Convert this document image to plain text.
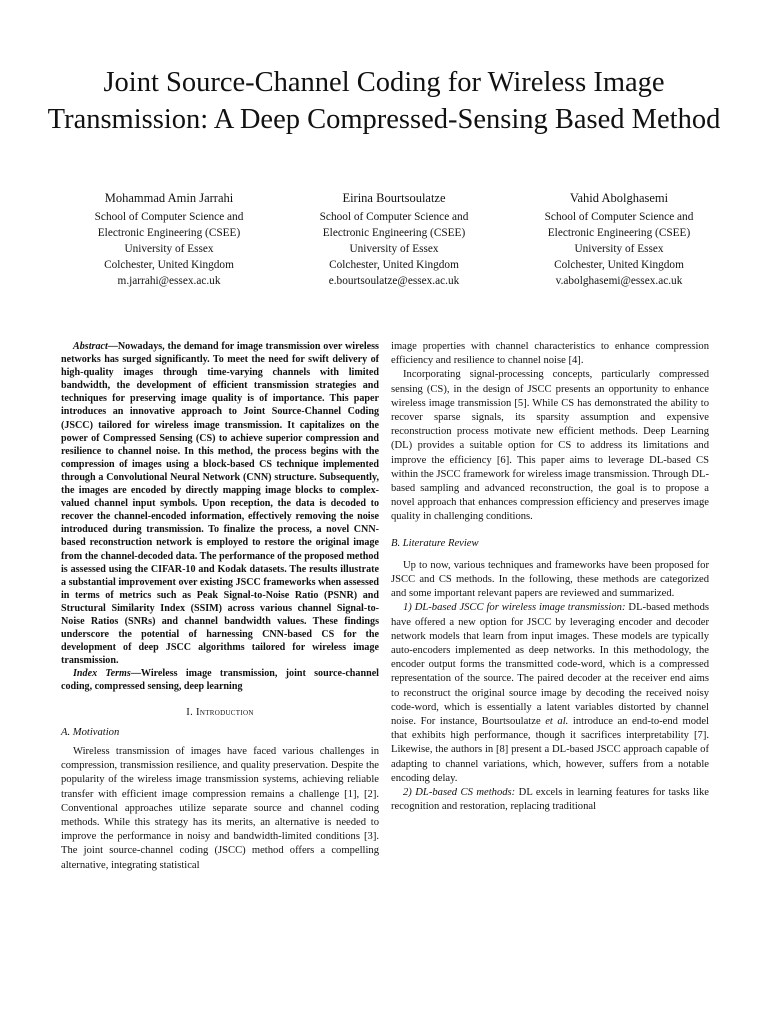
Joint Source-Channel Coding for Wireless Image Transmission: A Deep Compressed-Sensing Based Method
Mohammad Amin Jarrahi
School of Computer Science and
Electronic Engineering (CSEE)
University of Essex
Colchester, United Kingdom
m.jarrahi@essex.ac.uk
Eirina Bourtsoulatze
School of Computer Science and
Electronic Engineering (CSEE)
University of Essex
Colchester, United Kingdom
e.bourtsoulatze@essex.ac.uk
Vahid Abolghasemi
School of Computer Science and
Electronic Engineering (CSEE)
University of Essex
Colchester, United Kingdom
v.abolghasemi@essex.ac.uk

Abstract—Nowadays, the demand for image transmission over wireless networks has surged significantly. To meet the need for swift delivery of high-quality images through time-varying channels with limited bandwidth, the development of efficient transmission strategies and techniques for preserving image quality is of importance. This paper introduces an innovative approach to Joint Source-Channel Coding (JSCC) tailored for wireless image transmission. It capitalizes on the power of Compressed Sensing (CS) to achieve superior compression and resilience to channel noise. In this method, the process begins with the compression of images using a block-based CS technique implemented through a Convolutional Neural Network (CNN) structure. Subsequently, the images are encoded by directly mapping image blocks to complex-valued channel input symbols. Upon reception, the data is decoded to recover the channel-encoded information, effectively removing the noise introduced during transmission. To finalize the process, a novel CNN-based reconstruction network is employed to restore the original image from the channel-decoded data. The performance of the proposed method is assessed using the CIFAR-10 and Kodak datasets. The results illustrate a substantial improvement over existing JSCC frameworks when assessed in terms of metrics such as Peak Signal-to-Noise Ratio (PSNR) and Structural Similarity Index (SSIM) across various channel Signal-to-Noise Ratios (SNRs) and channel bandwidth values. These findings underscore the potential of harnessing CNN-based CS for the development of deep JSCC algorithms tailored for wireless image transmission.

Index Terms—Wireless image transmission, joint source-channel coding, compressed sensing, deep learning

I. Introduction
A. Motivation

Wireless transmission of images have faced various challenges in compression, transmission resilience, and quality preservation. Despite the popularity of the wireless image transmission systems, achieving reliable transfer with efficient image compression remains a challenge [1], [2]. Conventional approaches utilize separate source and channel coding methods. While this strategy has its merits, an alternative is needed to improve the performance in noisy and bandwidth-limited conditions [3]. The joint source-channel coding (JSCC) method offers a compelling alternative, integrating statistical

image properties with channel characteristics to enhance compression efficiency and resilience to channel noise [4].

Incorporating signal-processing concepts, particularly compressed sensing (CS), in the design of JSCC presents an opportunity to enhance wireless image transmission [5]. While CS has demonstrated the ability to recover sparse signals, its sparsity assumption and expensive reconstruction process motivate new efficient methods. Deep Learning (DL) provides a suitable option for CS to address its limitations and improve the efficiency [6]. This paper aims to leverage DL-based CS within the JSCC framework for wireless image transmission. Through DL-based sampling and advanced reconstruction, the goal is to propose a novel approach that enhances compression efficiency and preserves image quality in challenging conditions.

B. Literature Review

Up to now, various techniques and frameworks have been proposed for JSCC and CS methods. In the following, these methods are categorized and some important relevant papers are reviewed and summarized.

1) DL-based JSCC for wireless image transmission: DL-based methods have offered a new option for JSCC by leveraging encoder and decoder network models that learn from input images. These models are typically auto-encoders implemented as deep networks. In this methodology, the encoder output forms the transmitted code-word, which is a compressed representation of the source. The paired decoder at the receiver end aims to reconstruct the original source image by decoding the received noisy code-word, which is essentially a latent variables distorted by channel noise. For instance, Bourtsoulatze et al. introduce an end-to-end model that exhibits high performance, though it sacrifices interpretability [7]. Likewise, the authors in [8] present a DL-based JSCC approach capable of adapting to channel variations, which, however, suffers from a notable encoding delay.

2) DL-based CS methods: DL excels in learning features for tasks like recognition and restoration, replacing traditional
